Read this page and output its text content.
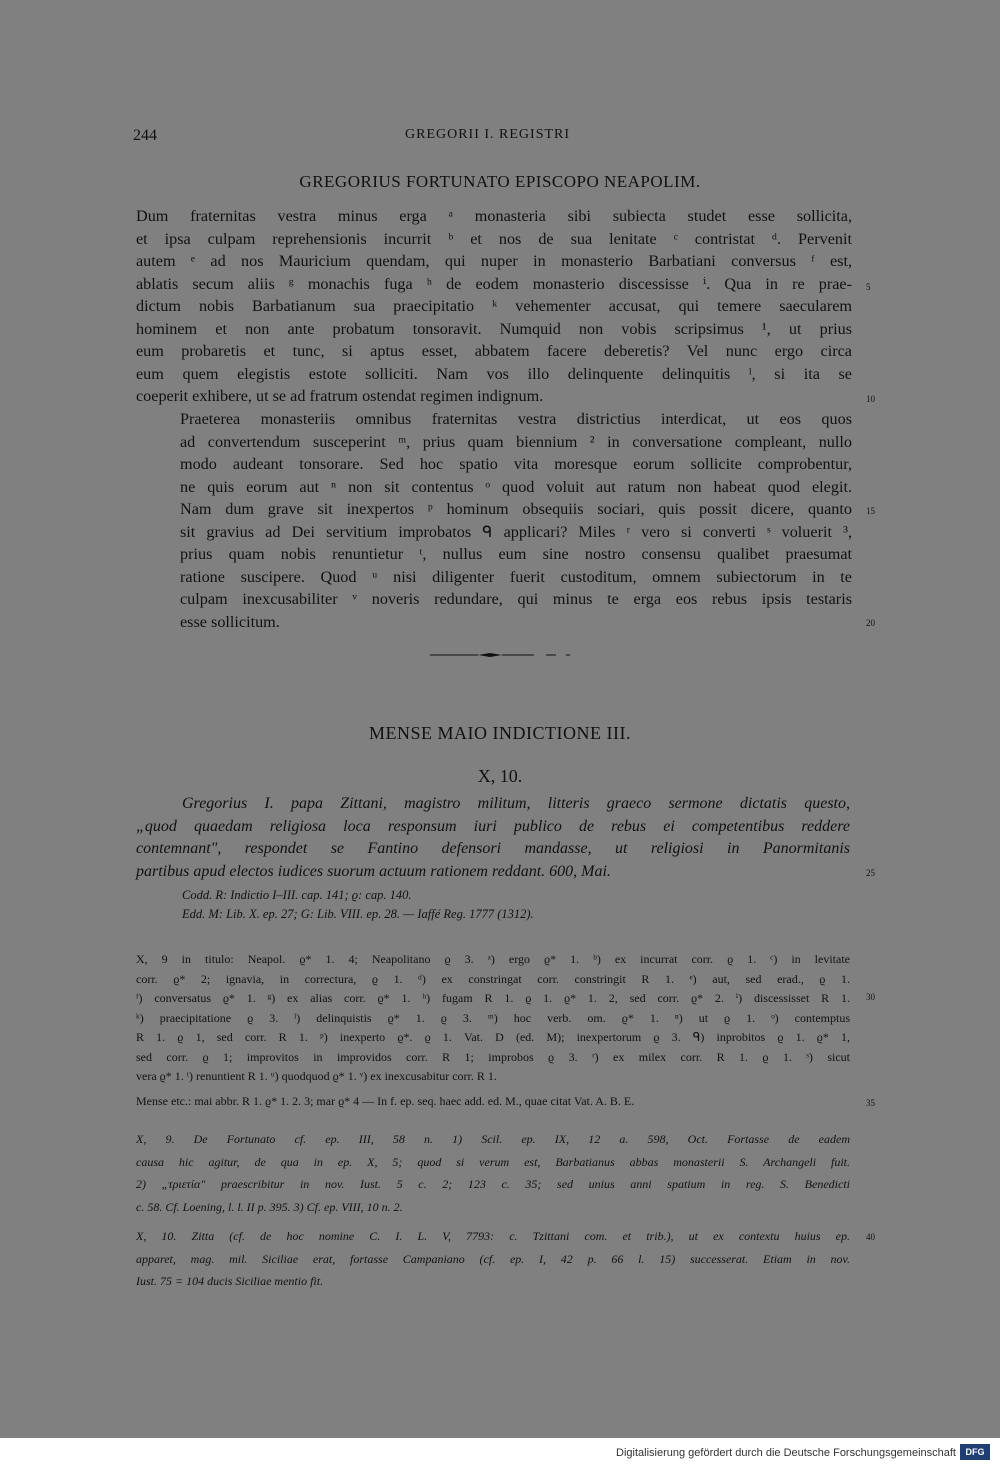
244	GREGORII I. REGISTRI
GREGORIUS FORTUNATO EPISCOPO NEAPOLIM.
Dum fraternitas vestra minus erga ᵃ monasteria sibi subiecta studet esse sollicita,
et ipsa culpam reprehensionis incurrit ᵇ et nos de sua lenitate ᶜ contristat ᵈ. Pervenit
autem ᵉ ad nos Mauricium quendam, qui nuper in monasterio Barbatiani conversus ᶠ est,
ablatis secum aliis ᵍ monachis fuga ʰ de eodem monasterio discessisse ⁱ. Qua in re prae-
dictum nobis Barbatianum sua praecipitatio ᵏ vehementer accusat, qui temere saecularem
hominem et non ante probatum tonsoravit. Numquid non vobis scripsimus ¹, ut prius
eum probaretis et tunc, si aptus esset, abbatem facere deberetis? Vel nunc ergo circa
eum quem elegistis estote solliciti. Nam vos illo delinquente delinquitis ˡ, si ita se
coeperit exhibere, ut se ad fratrum ostendat regimen indignum.
Praeterea monasteriis omnibus fraternitas vestra districtius interdicat, ut eos quos
ad convertendum susceperint ᵐ, prius quam biennium ² in conversatione compleant, nullo
modo audeant tonsorare. Sed hoc spatio vita moresque eorum sollicite comprobentur,
ne quis eorum aut ⁿ non sit contentus ᵒ quod voluit aut ratum non habeat quod elegit.
Nam dum grave sit inexpertos ᵖ hominum obsequiis sociari, quis possit dicere, quanto
sit gravius ad Dei servitium improbatos ᑫ applicari? Miles ʳ vero si converti ˢ voluerit ³,
prius quam nobis renuntietur ᵗ, nullus eum sine nostro consensu qualibet praesumat
ratione suscipere. Quod ᵘ nisi diligenter fuerit custoditum, omnem subiectorum in te
culpam inexcusabiliter ᵛ noveris redundare, qui minus te erga eos rebus ipsis testaris
esse sollicitum.
5
10
15
20
MENSE MAIO INDICTIONE III.
X, 10.
Gregorius I. papa Zittani, magistro militum, litteris graeco sermone dictatis questo,
„quod quaedam religiosa loca responsum iuri publico de rebus ei competentibus reddere
contemnant", respondet se Fantino defensori mandasse, ut religiosi in Panormitanis
partibus apud electos iudices suorum actuum rationem reddant. 600, Mai.	25
Codd. R: Indictio I–III. cap. 141; ϱ: cap. 140.
Edd. M: Lib. X. ep. 27; G: Lib. VIII. ep. 28. — Iaffé Reg. 1777 (1312).
X, 9 in titulo: Neapol. ϱ* 1. 4; Neapolitano ϱ 3. ᵃ) ergo ϱ* 1. ᵇ) ex incurrat corr. ϱ 1. ᶜ) in levitate
corr. ϱ* 2; ignavia, in correctura, ϱ 1. ᵈ) ex constringat corr. constringit R 1. ᵉ) aut, sed erad., ϱ 1.
ᶠ) conversatus ϱ* 1. ᵍ) ex alias corr. ϱ* 1. ʰ) fugam R 1. ϱ 1. ϱ* 1. 2, sed corr. ϱ* 2. ⁱ) discessisset R 1.
ᵏ) praecipitatione ϱ 3. ˡ) delinquistis ϱ* 1. ϱ 3. ᵐ) hoc verb. om. ϱ* 1. ⁿ) ut ϱ 1. ᵒ) contemptus
R 1. ϱ 1, sed corr. R 1. ᵖ) inexperto ϱ*. ϱ 1. Vat. D (ed. M); inexpertorum ϱ 3. ᑫ) inprobitos ϱ 1. ϱ* 1,
sed corr. ϱ 1; improvitos in improvidos corr. R 1; improbos ϱ 3. ʳ) ex milex corr. R 1. ϱ 1. ˢ) sicut
vera ϱ* 1. ᵗ) renuntient R 1. ᵘ) quodquod ϱ* 1. ᵛ) ex inexcusabitur corr. R 1.
30
Mense etc.: mai abbr. R 1. ϱ* 1. 2. 3; mar ϱ* 4 — In f. ep. seq. haec add. ed. M., quae citat Vat. A. B. E.	35
X, 9. De Fortunato cf. ep. III, 58 n. 1) Scil. ep. IX, 12 a. 598, Oct. Fortasse de eadem
causa hic agitur, de qua in ep. X, 5; quod si verum est, Barbatianus abbas monasterii S. Archangeli fuit.
2) „τριετία" praescribitur in nov. Iust. 5 c. 2; 123 c. 35; sed unius anni spatium in reg. S. Benedicti
c. 58. Cf. Loening, l. l. II p. 395. 3) Cf. ep. VIII, 10 n. 2.
X, 10. Zitta (cf. de hoc nomine C. I. L. V, 7793: c. Tzittani com. et trib.), ut ex contextu huius ep.
apparet, mag. mil. Siciliae erat, fortasse Campaniano (cf. ep. I, 42 p. 66 l. 15) successerat. Etiam in nov.
Iust. 75 = 104 ducis Siciliae mentio fit.
40
Digitalisierung gefördert durch die Deutsche Forschungsgemeinschaft	DFG
